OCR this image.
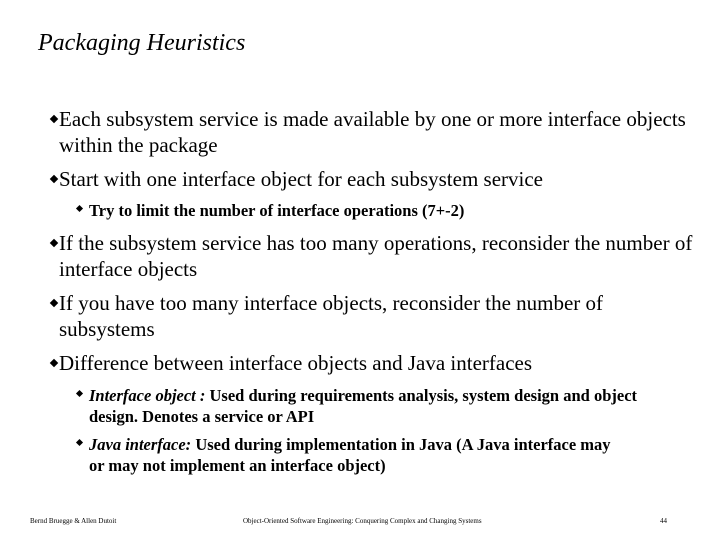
Packaging Heuristics
Each subsystem service is made available by one or more interface objects within the package
Start with one interface object for each subsystem service
Try to limit the number of interface operations (7+-2)
If the subsystem service has too many operations, reconsider the number of interface objects
If you have too many interface objects, reconsider the number of subsystems
Difference between interface objects and Java interfaces
Interface object : Used during requirements analysis, system design and object design. Denotes a service or API
Java interface: Used during implementation in Java (A Java interface may or may not implement an interface object)
Bernd Bruegge & Allen Dutoit	Object-Oriented Software Engineering: Conquering Complex and Changing Systems	44
